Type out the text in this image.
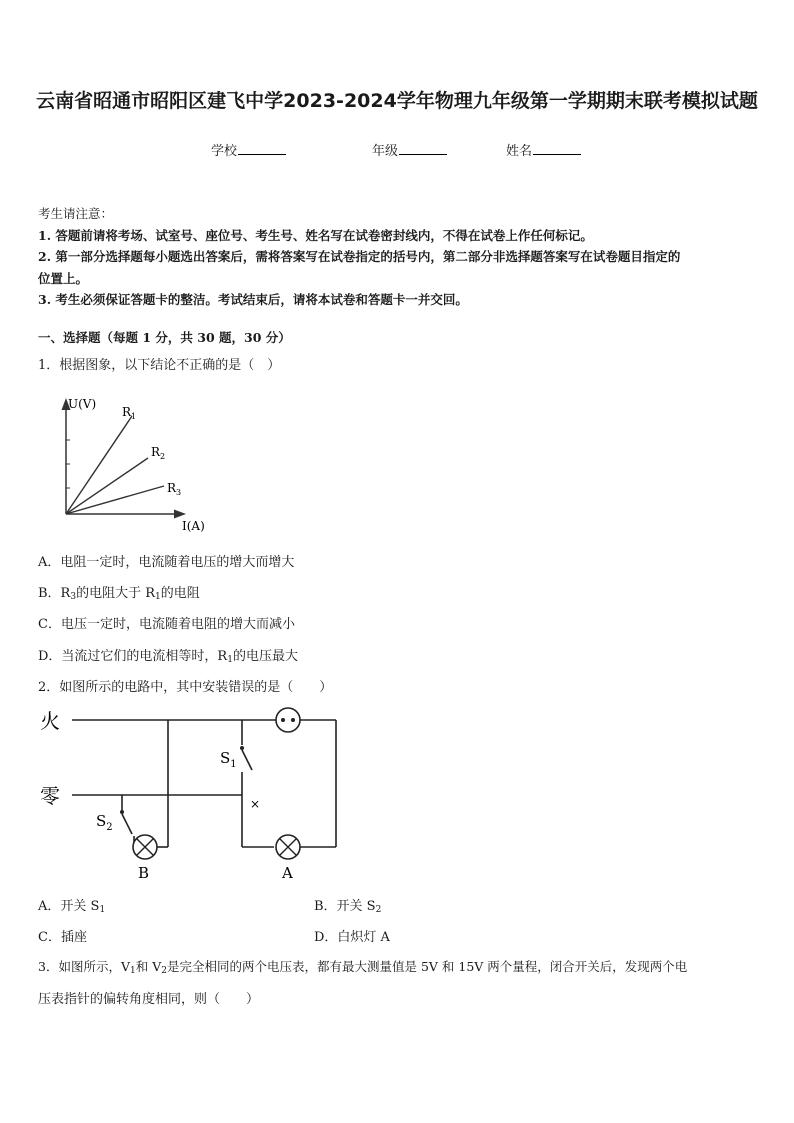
云南省昭通市昭阳区建飞中学2023-2024学年物理九年级第一学期期末联考模拟试题
学校	年级	姓名
考生请注意：
1. 答题前请将考场、试室号、座位号、考生号、姓名写在试卷密封线内，不得在试卷上作任何标记。
2. 第一部分选择题每小题选出答案后，需将答案写在试卷指定的括号内，第二部分非选择题答案写在试卷题目指定的
位置上。
3. 考生必须保证答题卡的整洁。考试结束后，请将本试卷和答题卡一并交回。
一、选择题（每题 1 分，共 30 题，30 分）
1．根据图象，以下结论不正确的是（　）
U(V)
I(A)
$R_1$
$R_2$
$R_3$
A．电阻一定时，电流随着电压的增大而增大
B．$R_3$的电阻大于 $R_1$的电阻
C．电压一定时，电流随着电阻的增大而减小
D．当流过它们的电流相等时，$R_1$的电压最大
2．如图所示的电路中，其中安装错误的是（　　）
火
零
$S_1$
×
A
$S_2$
B
A．开关 $S_1$	B．开关 $S_2$
C．插座	D．白炽灯 A
3．如图所示，$V_1$和 $V_2$是完全相同的两个电压表，都有最大测量值是 5V 和 15V 两个量程，闭合开关后，发现两个电
压表指针的偏转角度相同，则（　　）
